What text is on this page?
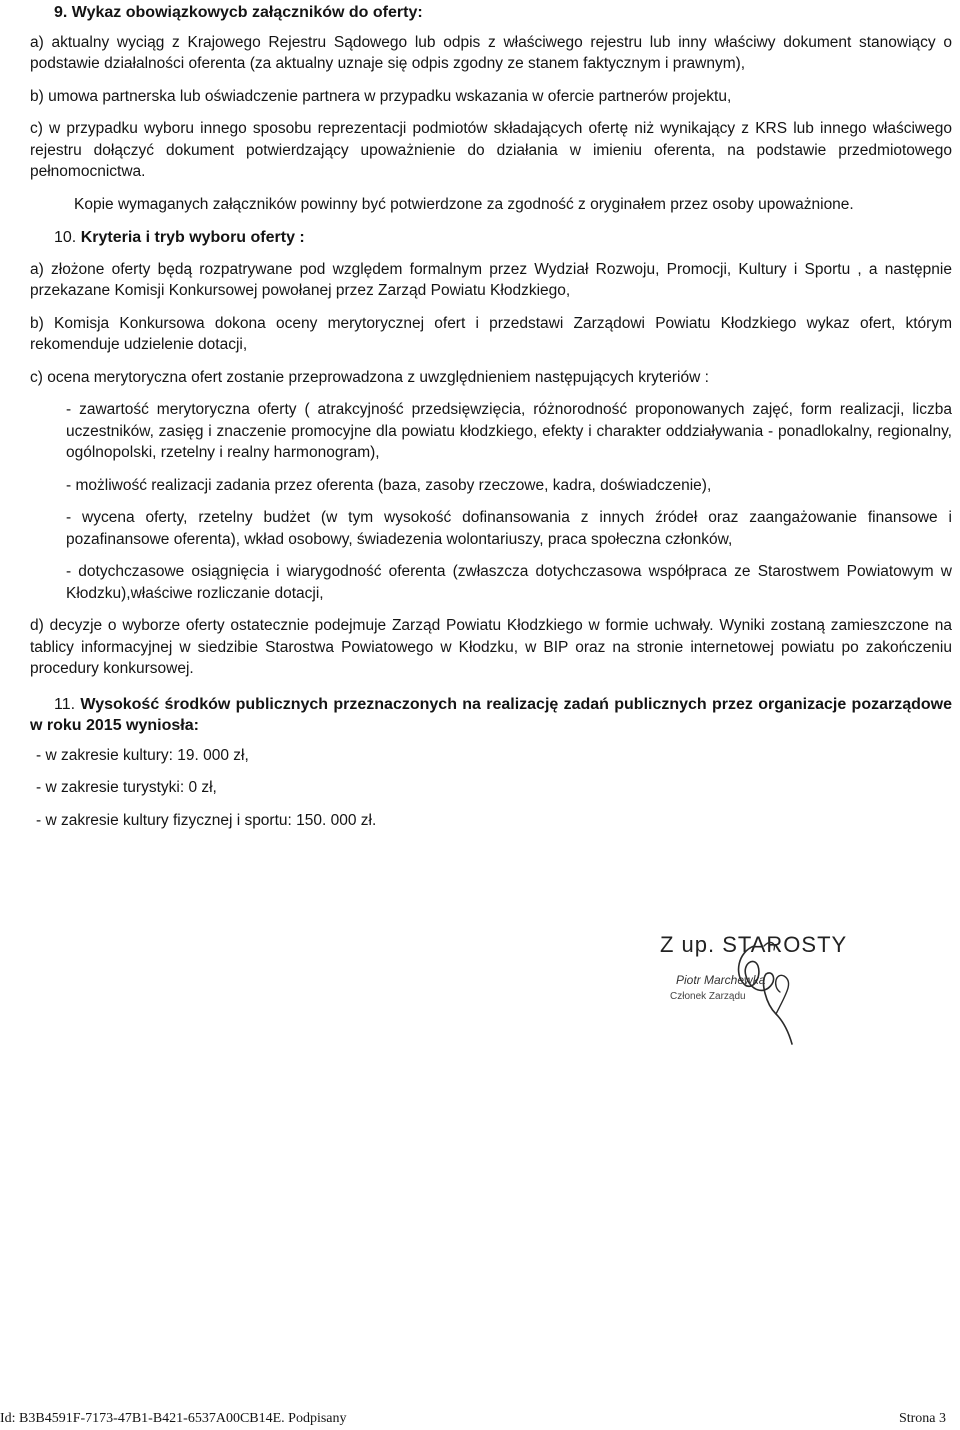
9. Wykaz obowiązkowycb załączników do oferty:

a) aktualny wyciąg z Krajowego Rejestru Sądowego lub odpis z właściwego rejestru lub inny właściwy dokument stanowiący o podstawie działalności oferenta (za aktualny uznaje się odpis zgodny ze stanem faktycznym i prawnym),

b) umowa partnerska lub oświadczenie partnera w przypadku wskazania w ofercie partnerów projektu,

c) w przypadku wyboru innego sposobu reprezentacji podmiotów składających ofertę niż wynikający z KRS lub innego właściwego rejestru dołączyć dokument potwierdzający upoważnienie do działania w imieniu oferenta, na podstawie przedmiotowego pełnomocnictwa.

Kopie wymaganych załączników powinny być potwierdzone za zgodność z oryginałem przez osoby upoważnione.

10. Kryteria i tryb wyboru oferty :

a) złożone oferty będą rozpatrywane pod względem formalnym przez Wydział Rozwoju, Promocji, Kultury i Sportu , a następnie przekazane Komisji Konkursowej powołanej przez Zarząd Powiatu Kłodzkiego,

b) Komisja Konkursowa dokona oceny merytorycznej ofert i przedstawi Zarządowi Powiatu Kłodzkiego wykaz ofert, którym rekomenduje udzielenie dotacji,

c) ocena merytoryczna ofert zostanie przeprowadzona z uwzględnieniem następujących kryteriów :

- zawartość merytoryczna oferty ( atrakcyjność przedsięwzięcia, różnorodność proponowanych zajęć, form realizacji, liczba uczestników, zasięg i znaczenie promocyjne dla powiatu kłodzkiego, efekty i charakter oddziaływania - ponadlokalny, regionalny, ogólnopolski, rzetelny i realny harmonogram),

- możliwość realizacji zadania przez oferenta (baza, zasoby rzeczowe, kadra, doświadczenie),

- wycena oferty, rzetelny budżet (w tym wysokość dofinansowania z innych źródeł oraz zaangażowanie finansowe i pozafinansowe oferenta), wkład osobowy, świadezenia wolontariuszy, praca społeczna członków,

- dotychczasowe osiągnięcia i wiarygodność oferenta (zwłaszcza dotychczasowa współpraca ze Starostwem Powiatowym w Kłodzku),właściwe rozliczanie dotacji,

d) decyzje o wyborze oferty ostatecznie podejmuje Zarząd Powiatu Kłodzkiego w formie uchwały. Wyniki zostaną zamieszczone na tablicy informacyjnej w siedzibie Starostwa Powiatowego w Kłodzku, w BIP oraz na stronie internetowej powiatu po zakończeniu procedury konkursowej.

11. Wysokość środków publicznych przeznaczonych na realizację zadań publicznych przez organizacje pozarządowe w roku 2015 wyniosła:

- w zakresie kultury: 19. 000 zł,

- w zakresie turystyki: 0 zł,

- w zakresie kultury fizycznej i sportu: 150. 000 zł.

Z up. STAROSTY
Piotr Marchewka
Członek Zarządu
Id: B3B4591F-7173-47B1-B421-6537A00CB14E. Podpisany	Strona 3
